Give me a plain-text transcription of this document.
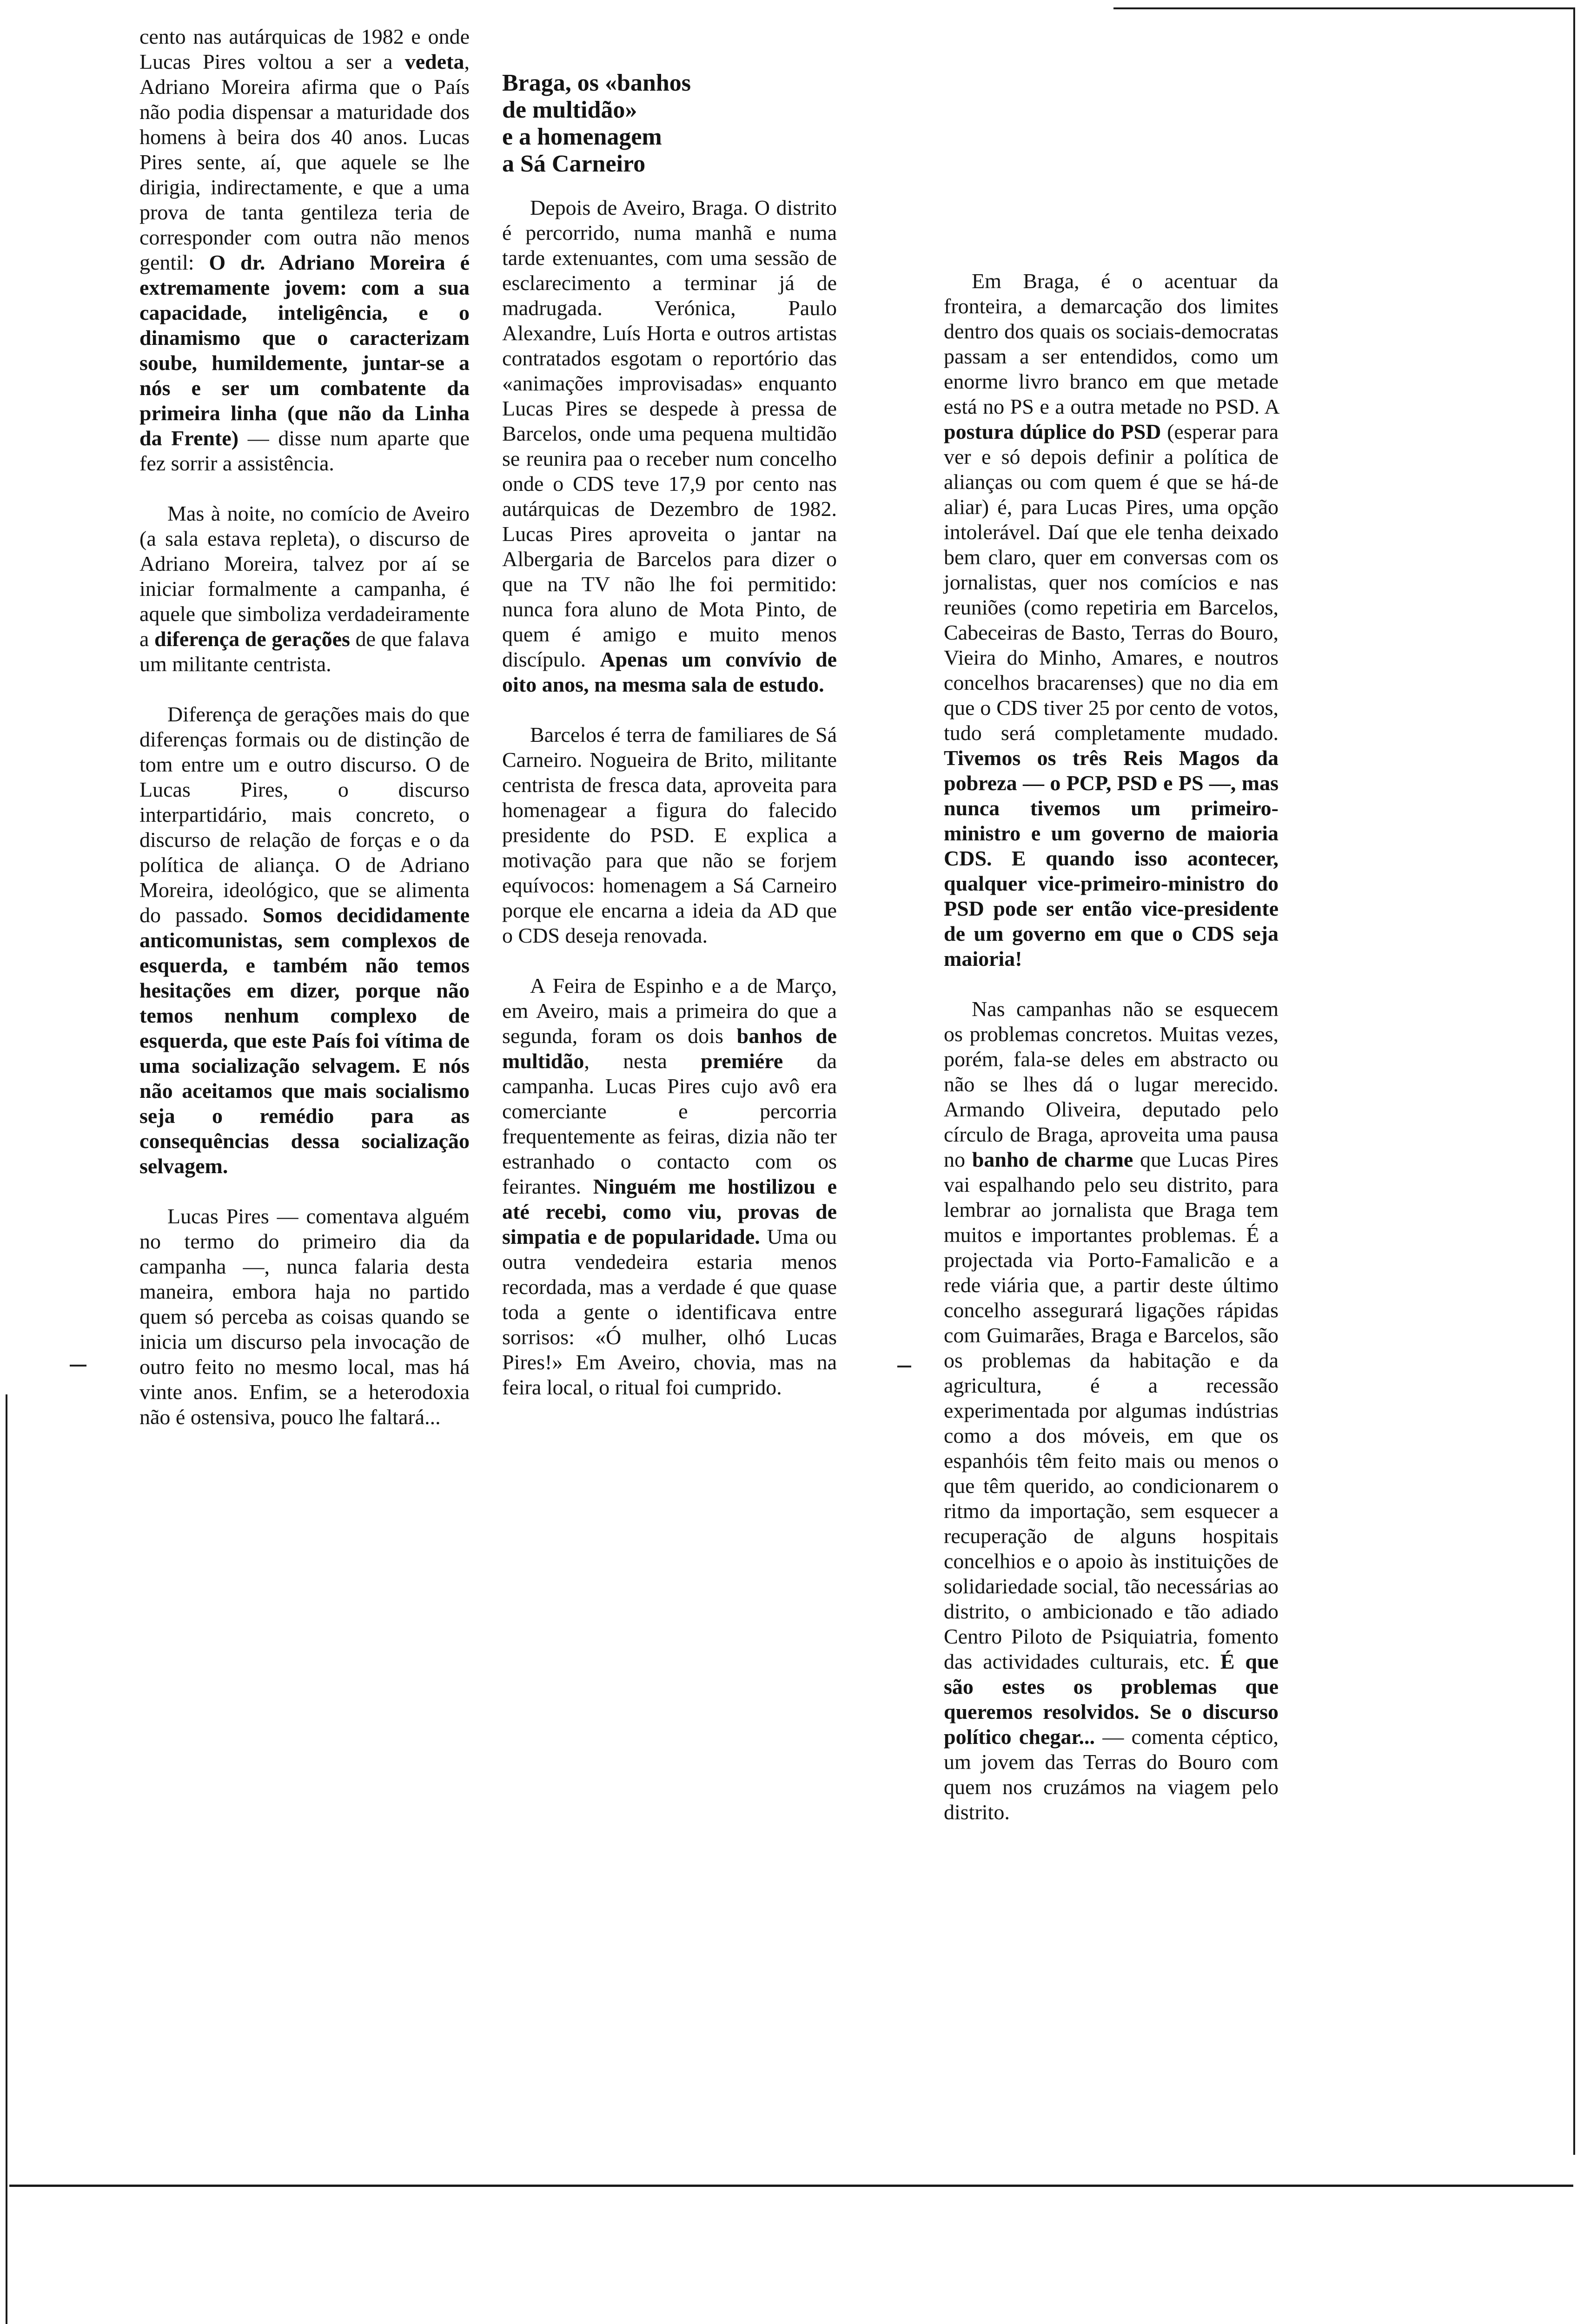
cento nas autárquicas de 1982 e onde Lucas Pires voltou a ser a vedeta, Adriano Moreira afirma que o País não podia dispensar a maturidade dos homens à beira dos 40 anos. Lucas Pires sente, aí, que aquele se lhe dirigia, indirectamente, e que a uma prova de tanta gentileza teria de corresponder com outra não menos gentil: O dr. Adriano Moreira é extremamente jovem: com a sua capacidade, inteligência, e o dinamismo que o caracterizam soube, humildemente, juntar-se a nós e ser um combatente da primeira linha (que não da Linha da Frente) — disse num aparte que fez sorrir a assistência.

Mas à noite, no comício de Aveiro (a sala estava repleta), o discurso de Adriano Moreira, talvez por aí se iniciar formalmente a campanha, é aquele que simboliza verdadeiramente a diferença de gerações de que falava um militante centrista.

Diferença de gerações mais do que diferenças formais ou de distinção de tom entre um e outro discurso. O de Lucas Pires, o discurso interpartidário, mais concreto, o discurso de relação de forças e o da política de aliança. O de Adriano Moreira, ideológico, que se alimenta do passado. Somos decididamente anticomunistas, sem complexos de esquerda, e também não temos hesitações em dizer, porque não temos nenhum complexo de esquerda, que este País foi vítima de uma socialização selvagem. E nós não aceitamos que mais socialismo seja o remédio para as consequências dessa socialização selvagem.

Lucas Pires — comentava alguém no termo do primeiro dia da campanha —, nunca falaria desta maneira, embora haja no partido quem só perceba as coisas quando se inicia um discurso pela invocação de outro feito no mesmo local, mas há vinte anos. Enfim, se a heterodoxia não é ostensiva, pouco lhe faltará...

Braga, os «banhos
de multidão»
e a homenagem
a Sá Carneiro

Depois de Aveiro, Braga. O distrito é percorrido, numa manhã e numa tarde extenuantes, com uma sessão de esclarecimento a terminar já de madrugada. Verónica, Paulo Alexandre, Luís Horta e outros artistas contratados esgotam o reportório das «animações improvisadas» enquanto Lucas Pires se despede à pressa de Barcelos, onde uma pequena multidão se reunira paa o receber num concelho onde o CDS teve 17,9 por cento nas autárquicas de Dezembro de 1982. Lucas Pires aproveita o jantar na Albergaria de Barcelos para dizer o que na TV não lhe foi permitido: nunca fora aluno de Mota Pinto, de quem é amigo e muito menos discípulo. Apenas um convívio de oito anos, na mesma sala de estudo.

Barcelos é terra de familiares de Sá Carneiro. Nogueira de Brito, militante centrista de fresca data, aproveita para homenagear a figura do falecido presidente do PSD. E explica a motivação para que não se forjem equívocos: homenagem a Sá Carneiro porque ele encarna a ideia da AD que o CDS deseja renovada.

A Feira de Espinho e a de Março, em Aveiro, mais a primeira do que a segunda, foram os dois banhos de multidão, nesta premiére da campanha. Lucas Pires cujo avô era comerciante e percorria frequentemente as feiras, dizia não ter estranhado o contacto com os feirantes. Ninguém me hostilizou e até recebi, como viu, provas de simpatia e de popularidade. Uma ou outra vendedeira estaria menos recordada, mas a verdade é que quase toda a gente o identificava entre sorrisos: «Ó mulher, olhó Lucas Pires!» Em Aveiro, chovia, mas na feira local, o ritual foi cumprido.

Em Braga, é o acentuar da fronteira, a demarcação dos limites dentro dos quais os sociais-democratas passam a ser entendidos, como um enorme livro branco em que metade está no PS e a outra metade no PSD. A postura dúplice do PSD (esperar para ver e só depois definir a política de alianças ou com quem é que se há-de aliar) é, para Lucas Pires, uma opção intolerável. Daí que ele tenha deixado bem claro, quer em conversas com os jornalistas, quer nos comícios e nas reuniões (como repetiria em Barcelos, Cabeceiras de Basto, Terras do Bouro, Vieira do Minho, Amares, e noutros concelhos bracarenses) que no dia em que o CDS tiver 25 por cento de votos, tudo será completamente mudado. Tivemos os três Reis Magos da pobreza — o PCP, PSD e PS —, mas nunca tivemos um primeiro-ministro e um governo de maioria CDS. E quando isso acontecer, qualquer vice-primeiro-ministro do PSD pode ser então vice-presidente de um governo em que o CDS seja maioria!

Nas campanhas não se esquecem os problemas concretos. Muitas vezes, porém, fala-se deles em abstracto ou não se lhes dá o lugar merecido. Armando Oliveira, deputado pelo círculo de Braga, aproveita uma pausa no banho de charme que Lucas Pires vai espalhando pelo seu distrito, para lembrar ao jornalista que Braga tem muitos e importantes problemas. É a projectada via Porto-Famalicão e a rede viária que, a partir deste último concelho assegurará ligações rápidas com Guimarães, Braga e Barcelos, são os problemas da habitação e da agricultura, é a recessão experimentada por algumas indústrias como a dos móveis, em que os espanhóis têm feito mais ou menos o que têm querido, ao condicionarem o ritmo da importação, sem esquecer a recuperação de alguns hospitais concelhios e o apoio às instituições de solidariedade social, tão necessárias ao distrito, o ambicionado e tão adiado Centro Piloto de Psiquiatria, fomento das actividades culturais, etc. É que são estes os problemas que queremos resolvidos. Se o discurso político chegar... — comenta céptico, um jovem das Terras do Bouro com quem nos cruzámos na viagem pelo distrito.
